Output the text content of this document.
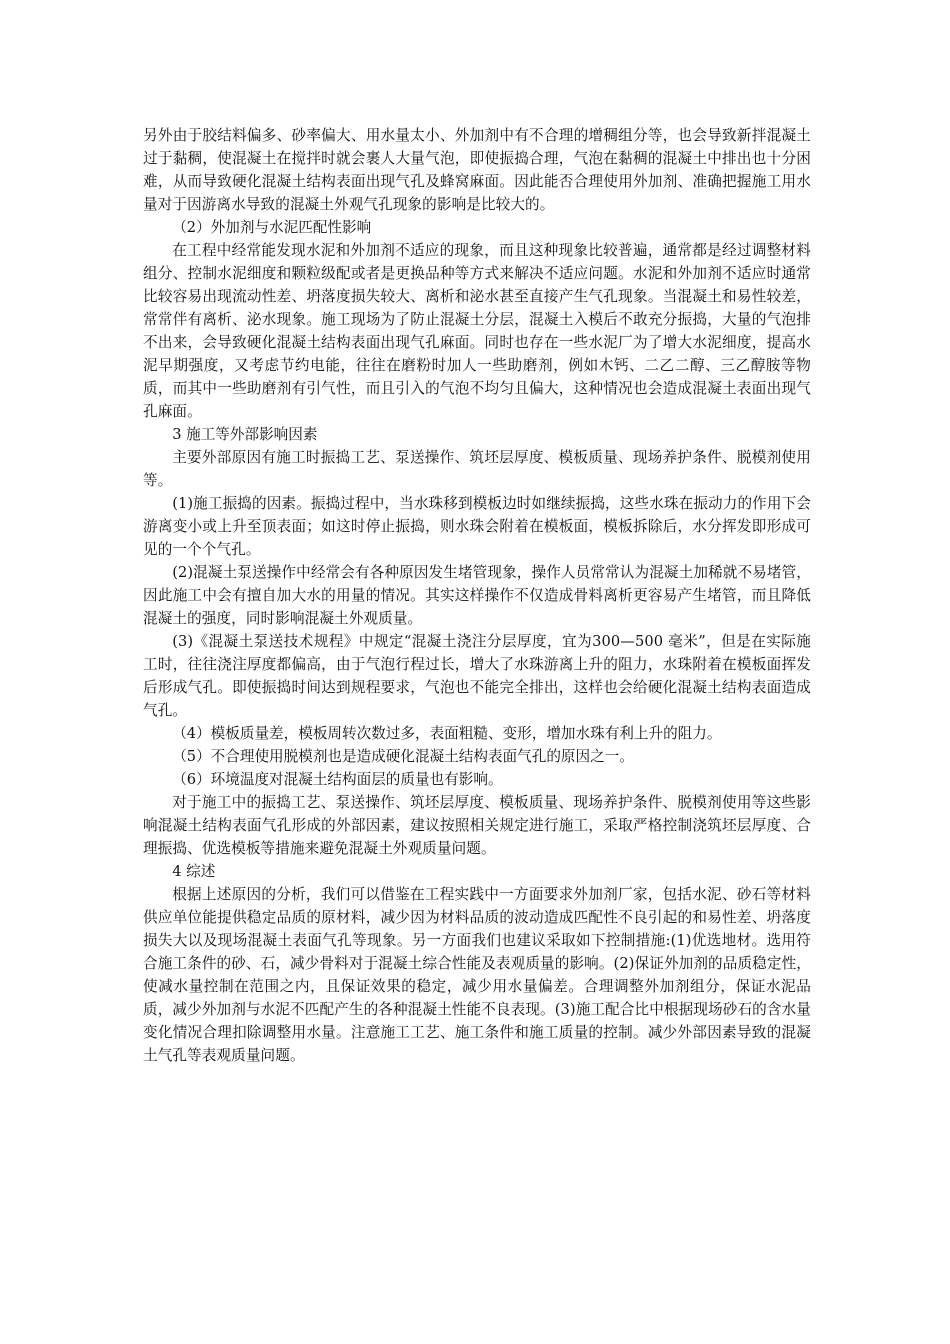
另外由于胶结料偏多、砂率偏大、用水量太小、外加剂中有不合理的增稠组分等，也会导致新拌混凝土过于黏稠，使混凝土在搅拌时就会裹人大量气泡，即使振捣合理，气泡在黏稠的混凝土中排出也十分困难，从而导致硬化混凝土结构表面出现气孔及蜂窝麻面。因此能否合理使用外加剂、准确把握施工用水量对于因游离水导致的混凝土外观气孔现象的影响是比较大的。

（2）外加剂与水泥匹配性影响

在工程中经常能发现水泥和外加剂不适应的现象，而且这种现象比较普遍，通常都是经过调整材料组分、控制水泥细度和颗粒级配或者是更换品种等方式来解决不适应问题。水泥和外加剂不适应时通常比较容易出现流动性差、坍落度损失较大、离析和泌水甚至直接产生气孔现象。当混凝土和易性较差，常常伴有离析、泌水现象。施工现场为了防止混凝土分层，混凝土入模后不敢充分振捣，大量的气泡排不出来，会导致硬化混凝土结构表面出现气孔麻面。同时也存在一些水泥厂为了增大水泥细度，提高水泥早期强度，又考虑节约电能，往往在磨粉时加人一些助磨剂，例如木钙、二乙二醇、三乙醇胺等物质，而其中一些助磨剂有引气性，而且引入的气泡不均匀且偏大，这种情况也会造成混凝土表面出现气孔麻面。

3 施工等外部影响因素

主要外部原因有施工时振捣工艺、泵送操作、筑坯层厚度、模板质量、现场养护条件、脱模剂使用等。

(1)施工振捣的因素。振捣过程中，当水珠移到模板边时如继续振捣，这些水珠在振动力的作用下会游离变小或上升至顶表面；如这时停止振捣，则水珠会附着在模板面，模板拆除后，水分挥发即形成可见的一个个气孔。

(2)混凝土泵送操作中经常会有各种原因发生堵管现象，操作人员常常认为混凝土加稀就不易堵管，因此施工中会有擅自加大水的用量的情况。其实这样操作不仅造成骨料离析更容易产生堵管，而且降低混凝土的强度，同时影响混凝土外观质量。

(3)《混凝土泵送技术规程》中规定“混凝土浇注分层厚度，宜为300—500 毫米”，但是在实际施工时，往往浇注厚度都偏高，由于气泡行程过长，增大了水珠游离上升的阻力，水珠附着在模板面挥发后形成气孔。即使振捣时间达到规程要求，气泡也不能完全排出，这样也会给硬化混凝土结构表面造成气孔。

（4）模板质量差，模板周转次数过多，表面粗糙、变形，增加水珠有利上升的阻力。

（5）不合理使用脱模剂也是造成硬化混凝土结构表面气孔的原因之一。

（6）环境温度对混凝土结构面层的质量也有影响。

对于施工中的振捣工艺、泵送操作、筑坯层厚度、模板质量、现场养护条件、脱模剂使用等这些影响混凝土结构表面气孔形成的外部因素，建议按照相关规定进行施工，采取严格控制浇筑坯层厚度、合理振捣、优选模板等措施来避免混凝土外观质量问题。

4 综述

根据上述原因的分析，我们可以借鉴在工程实践中一方面要求外加剂厂家，包括水泥、砂石等材料供应单位能提供稳定品质的原材料，减少因为材料品质的波动造成匹配性不良引起的和易性差、坍落度损失大以及现场混凝土表面气孔等现象。另一方面我们也建议采取如下控制措施:(1)优选地材。选用符合施工条件的砂、石，减少骨料对于混凝土综合性能及表观质量的影响。(2)保证外加剂的品质稳定性，使减水量控制在范围之内，且保证效果的稳定，减少用水量偏差。合理调整外加剂组分，保证水泥品质，减少外加剂与水泥不匹配产生的各种混凝土性能不良表现。(3)施工配合比中根据现场砂石的含水量变化情况合理扣除调整用水量。注意施工工艺、施工条件和施工质量的控制。减少外部因素导致的混凝土气孔等表观质量问题。
